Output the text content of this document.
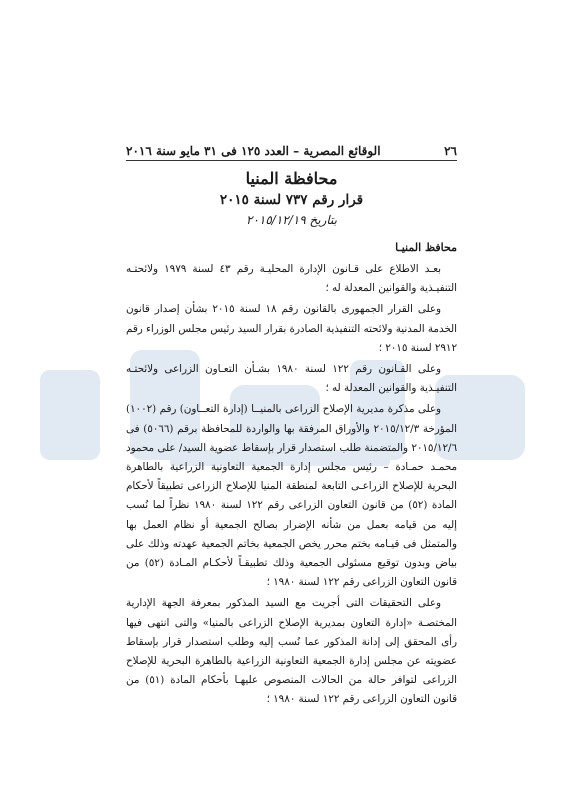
٢٦
الوقائع المصرية – العدد ١٢٥ فى ٣١ مايو سنة ٢٠١٦
محافظة المنيا
قرار رقم ٧٣٧ لسنة ٢٠١٥
بتاريخ ٢٠١٥/١٢/١٩
محافظ المنيـا

بعـد الاطلاع على قـانون الإدارة المحليـة رقم ٤٣ لسنة ١٩٧٩ ولائحتـه التنفيـذية والقوانين المعدلة له ؛

وعلى القرار الجمهورى بالقانون رقم ١٨ لسنة ٢٠١٥ بشأن إصدار قانون الخدمة المدنية ولائحته التنفيذية الصادرة بقرار السيد رئيس مجلس الوزراء رقم ٢٩١٢ لسنة ٢٠١٥ ؛

وعلى القـانون رقم ١٢٢ لسنة ١٩٨٠ بشـأن التعـاون الزراعى ولائحتـه التنفيـذية والقوانين المعدلة له ؛

وعلى مذكرة مديرية الإصلاح الزراعى بالمنيــا (إدارة التعــاون) رقم (١٠٠٢) المؤرخة ٢٠١٥/١٢/٣ والأوراق المرفقة بها والواردة للمحافظة برقم (٥٠٦٦) فى ٢٠١٥/١٢/٦ والمتضمنة طلب استصدار قرار بإسقاط عضوية السيد/ على محمود محمـد حمـادة – رئيس مجلس إدارة الجمعية التعاونية الزراعية بالطاهرة البحرية للإصلاح الزراعـى التابعة لمنطقة المنيا للإصلاح الزراعى تطبيقاً لأحكام المادة (٥٢) من قانون التعاون الزراعى رقم ١٢٢ لسنة ١٩٨٠ نظراً لما نُسب إليه من قيامه بعمل من شأنه الإضرار بصالح الجمعية أو نظام العمل بها والمتمثل فى قيـامه بختم محرر يخص الجمعية بخاتم الجمعية عهدته وذلك على بياض وبدون توقيع مسئولى الجمعية وذلك تطبيقـاً لأحكـام المـادة (٥٢) من قانون التعاون الزراعى رقم ١٢٢ لسنة ١٩٨٠ ؛

وعلى التحقيقات التى أجريت مع السيد المذكور بمعرفة الجهة الإدارية المختصـة «إدارة التعاون بمديرية الإصلاح الزراعى بالمنيا» والتى انتهى فيها رأى المحقق إلى إدانة المذكور عما نُسب إليه وطلب استصدار قرار بإسقاط عضويته عن مجلس إدارة الجمعية التعاونية الزراعية بالطاهرة البحرية للإصلاح الزراعى لتوافر حالة من الحالات المنصوص عليهـا بأحكام المادة (٥١) من قانون التعاون الزراعى رقم ١٢٢ لسنة ١٩٨٠ ؛
